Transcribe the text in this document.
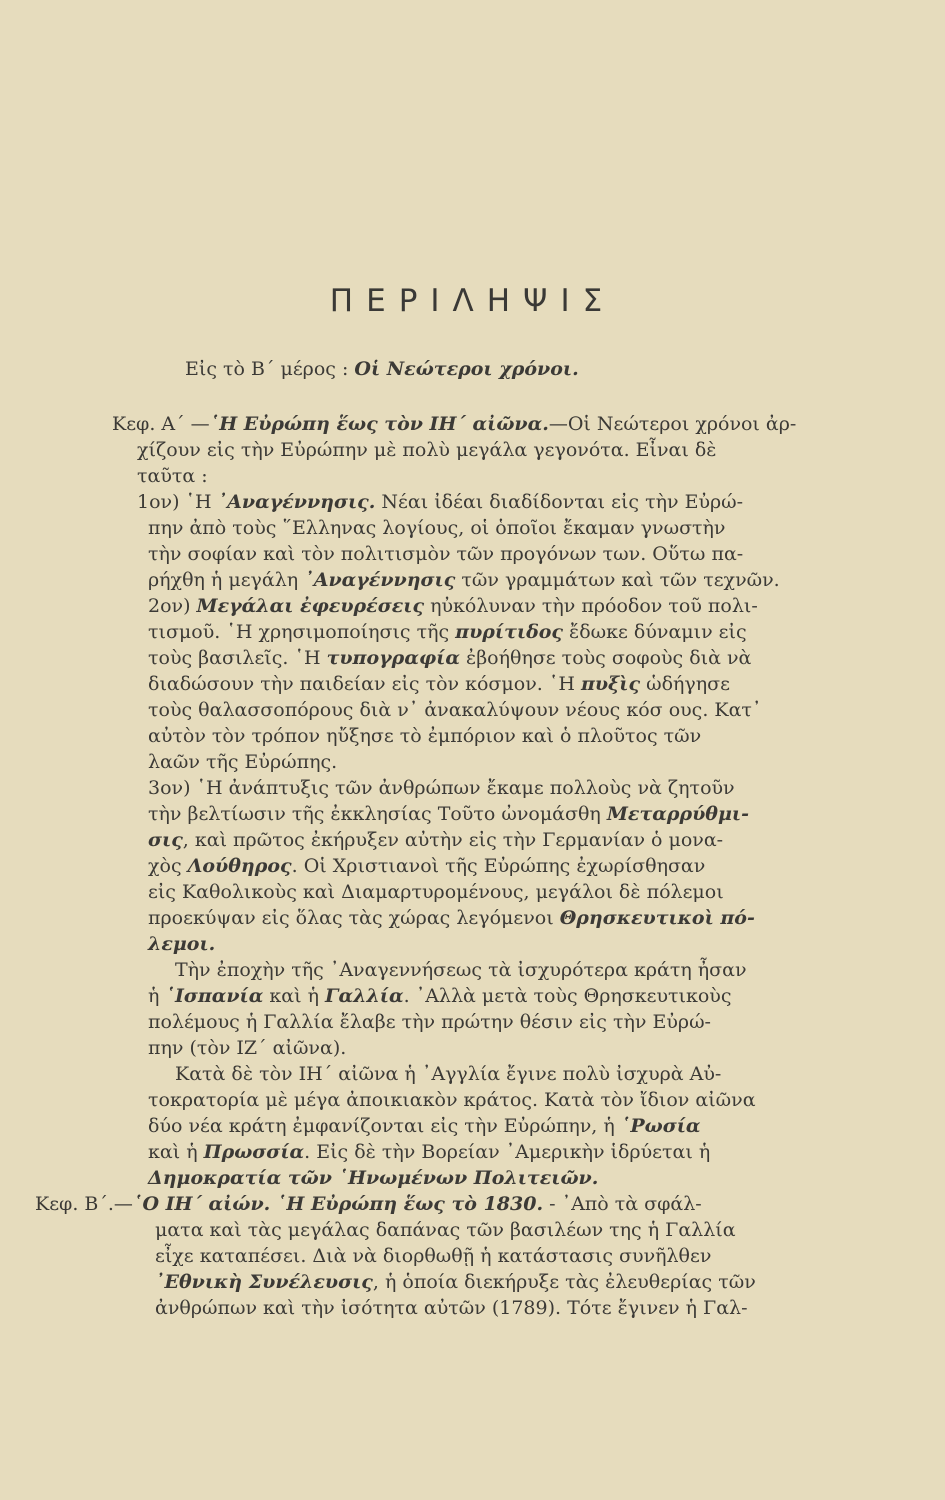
ΠΕΡΙΛΗΨΙΣ

Εἰς τὸ Β΄ μέρος : Οἱ Νεώτεροι χρόνοι.

Κεφ. Α΄ —῾Η Εὐρώπη ἕως τὸν ΙΗ΄ αἰῶνα.—Οἱ Νεώτεροι χρόνοι ἀρ-

χίζουν εἰς τὴν Εὐρώπην μὲ πολὺ μεγάλα γεγονότα. Εἶναι δὲ

ταῦτα :

1ον) ῾Η ᾿Αναγέννησις. Νέαι ἰδέαι διαδίδονται εἰς τὴν Εὐρώ-

πην ἀπὸ τοὺς ῞Ελληνας λογίους, οἱ ὁποῖοι ἔκαμαν γνωστὴν

τὴν σοφίαν καὶ τὸν πολιτισμὸν τῶν προγόνων των. Οὕτω πα-

ρήχθη ἡ μεγάλη ᾿Αναγέννησις τῶν γραμμάτων καὶ τῶν τεχνῶν.

2ον) Μεγάλαι ἐφευρέσεις ηὐκόλυναν τὴν πρόοδον τοῦ πολι-

τισμοῦ. ῾Η χρησιμοποίησις τῆς πυρίτιδος ἔδωκε δύναμιν εἰς

τοὺς βασιλεῖς. ῾Η τυπογραφία ἐβοήθησε τοὺς σοφοὺς διὰ νὰ

διαδώσουν τὴν παιδείαν εἰς τὸν κόσμον. ῾Η πυξὶς ὡδήγησε

τοὺς θαλασσοπόρους διὰ ν᾿ ἀνακαλύψουν νέους κόσ ους. Κατ᾿

αὐτὸν τὸν τρόπον ηὔξησε τὸ ἐμπόριον καὶ ὁ πλοῦτος τῶν

λαῶν τῆς Εὐρώπης.

3ον) ῾Η ἀνάπτυξις τῶν ἀνθρώπων ἔκαμε πολλοὺς νὰ ζητοῦν

τὴν βελτίωσιν τῆς ἐκκλησίας Τοῦτο ὠνομάσθη Μεταρρύθμι-

σις, καὶ πρῶτος ἐκήρυξεν αὐτὴν εἰς τὴν Γερμανίαν ὁ μονα-

χὸς Λούθηρος. Οἱ Χριστιανοὶ τῆς Εὐρώπης ἐχωρίσθησαν

εἰς Καθολικοὺς καὶ Διαμαρτυρομένους, μεγάλοι δὲ πόλεμοι

προεκύψαν εἰς ὅλας τὰς χώρας λεγόμενοι Θρησκευτικοὶ πό-

λεμοι.

Τὴν ἐποχὴν τῆς ᾿Αναγεννήσεως τὰ ἰσχυρότερα κράτη ἦσαν

ἡ ῾Ισπανία καὶ ἡ Γαλλία. ᾿Αλλὰ μετὰ τοὺς Θρησκευτικοὺς

πολέμους ἡ Γαλλία ἔλαβε τὴν πρώτην θέσιν εἰς τὴν Εὐρώ-

πην (τὸν ΙΖ΄ αἰῶνα).

Κατὰ δὲ τὸν ΙΗ΄ αἰῶνα ἡ ᾿Αγγλία ἔγινε πολὺ ἰσχυρὰ Αὐ-

τοκρατορία μὲ μέγα ἀποικιακὸν κράτος. Κατὰ τὸν ἴδιον αἰῶνα

δύο νέα κράτη ἐμφανίζονται εἰς τὴν Εὐρώπην, ἡ ῾Ρωσία

καὶ ἡ Πρωσσία. Εἰς δὲ τὴν Βορείαν ᾿Αμερικὴν ἱδρύεται ἡ

Δημοκρατία τῶν ῾Ηνωμένων Πολιτειῶν.

Κεφ. Β΄.—῾Ο ΙΗ΄ αἰών. ῾Η Εὐρώπη ἕως τὸ 1830. - ᾿Απὸ τὰ σφάλ-

ματα καὶ τὰς μεγάλας δαπάνας τῶν βασιλέων της ἡ Γαλλία

εἶχε καταπέσει. Διὰ νὰ διορθωθῇ ἡ κατάστασις συνῆλθεν

᾿Εθνικὴ Συνέλευσις, ἡ ὁποία διεκήρυξε τὰς ἐλευθερίας τῶν

ἀνθρώπων καὶ τὴν ἰσότητα αὐτῶν (1789). Τότε ἔγινεν ἡ Γαλ-
